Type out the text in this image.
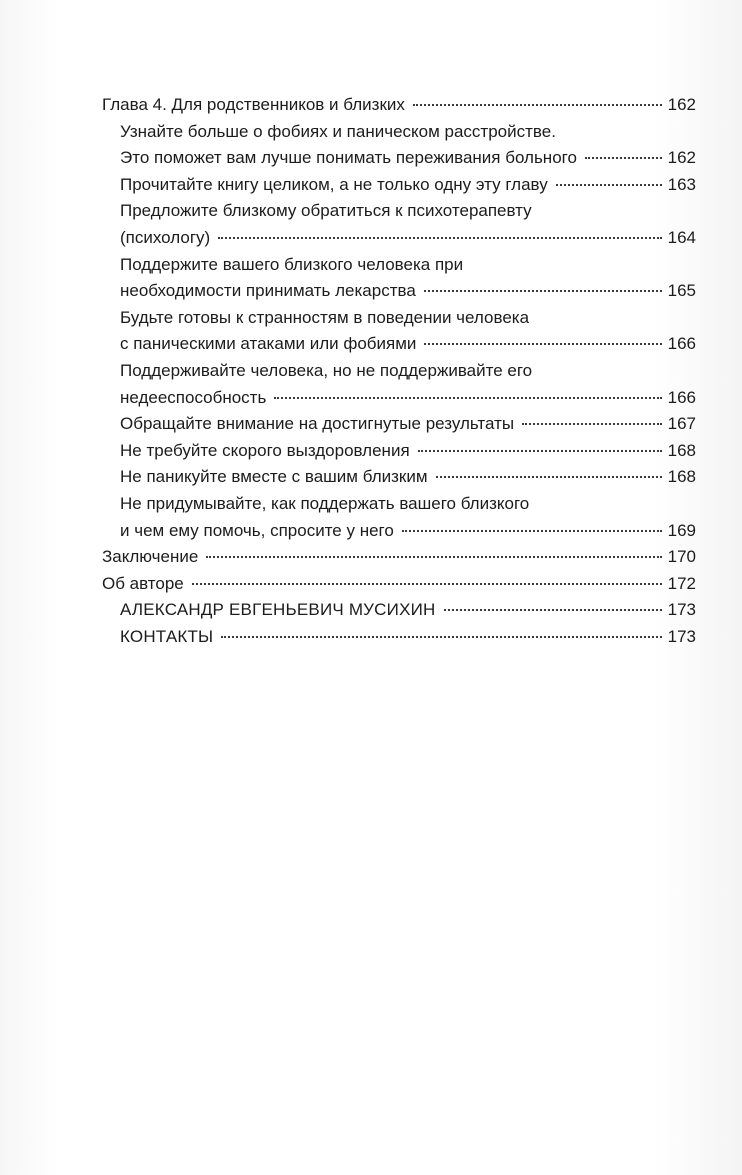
Глава 4. Для родственников и близких	162
Узнайте больше о фобиях и паническом расстройстве.
Это поможет вам лучше понимать переживания больного	162
Прочитайте книгу целиком, а не только одну эту главу	163
Предложите близкому обратиться к психотерапевту
(психологу)	164
Поддержите вашего близкого человека при
необходимости принимать лекарства	165
Будьте готовы к странностям в поведении человека
с паническими атаками или фобиями	166
Поддерживайте человека, но не поддерживайте его
недееспособность	166
Обращайте внимание на достигнутые результаты	167
Не требуйте скорого выздоровления	168
Не паникуйте вместе с вашим близким	168
Не придумывайте, как поддержать вашего близкого
и чем ему помочь, спросите у него	169
Заключение	170
Об авторе	172
АЛЕКСАНДР ЕВГЕНЬЕВИЧ МУСИХИН	173
КОНТАКТЫ	173
